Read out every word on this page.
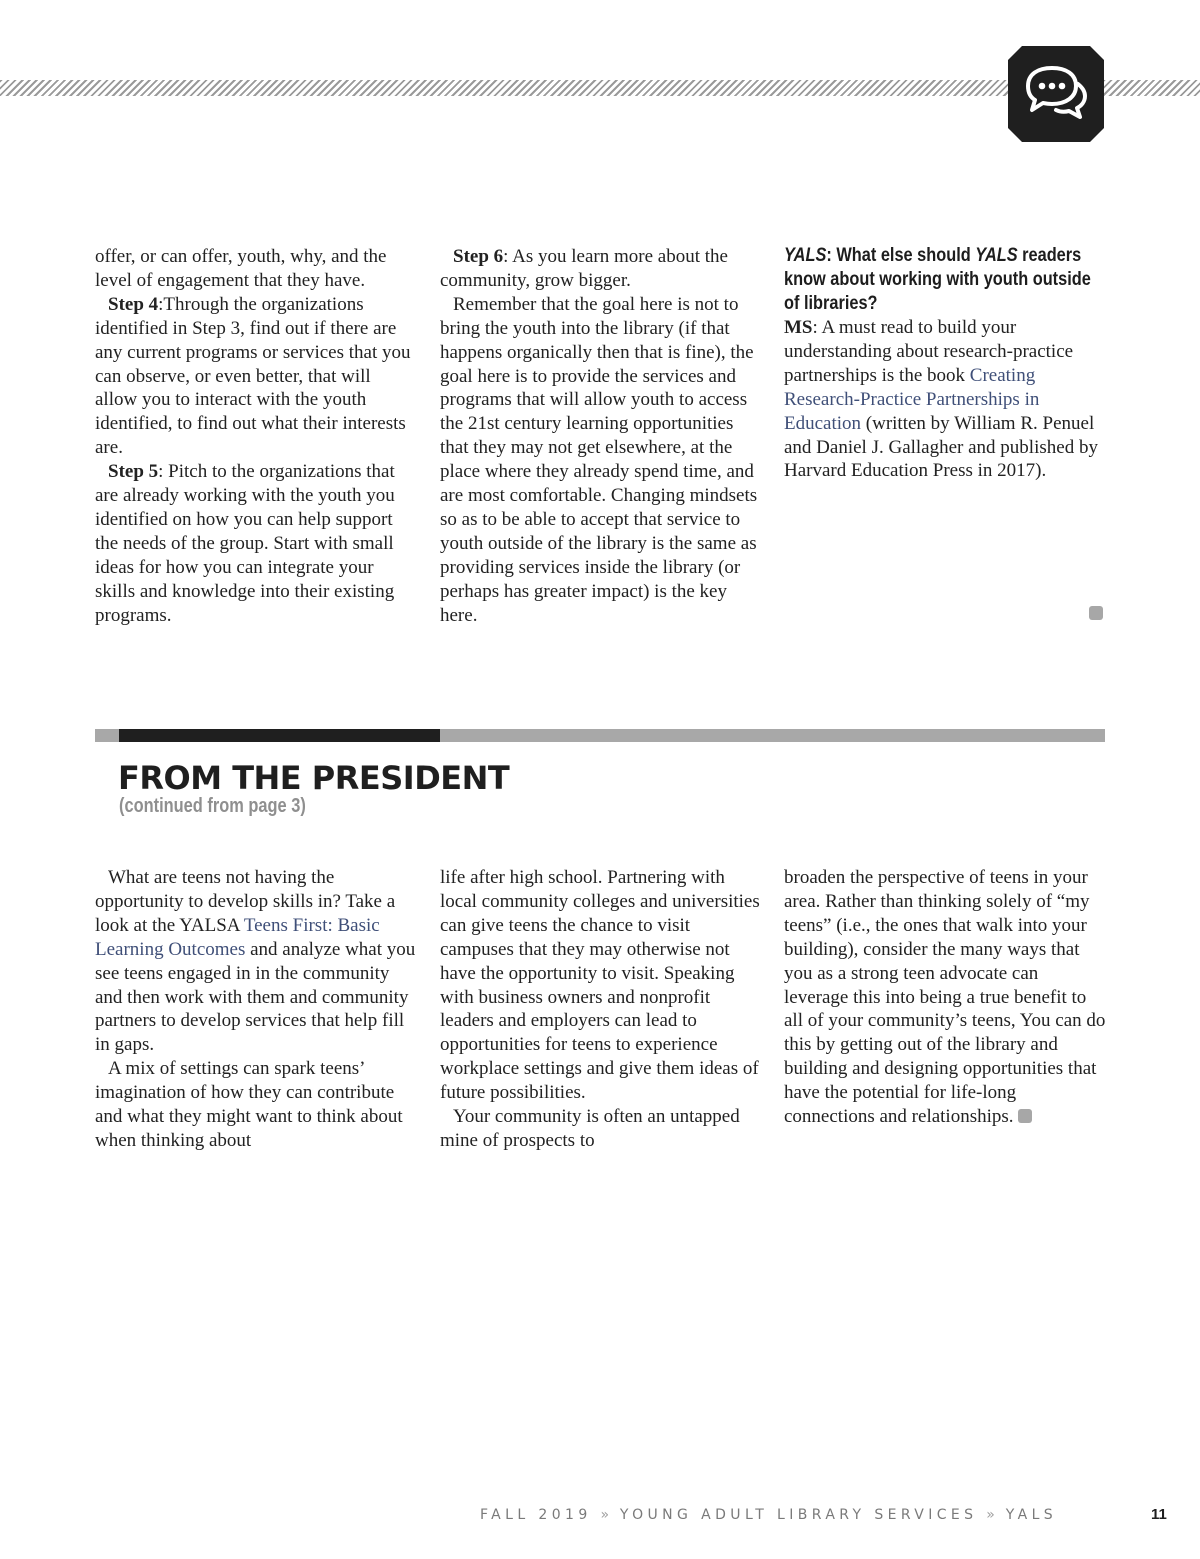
offer, or can offer, youth, why, and the level of engagement that they have.

Step 4:Through the organizations identified in Step 3, find out if there are any current programs or services that you can observe, or even better, that will allow you to interact with the youth identified, to find out what their interests are.

Step 5: Pitch to the organizations that are already working with the youth you identified on how you can help support the needs of the group. Start with small ideas for how you can integrate your skills and knowledge into their existing programs.

Step 6: As you learn more about the community, grow bigger.

Remember that the goal here is not to bring the youth into the library (if that happens organically then that is fine), the goal here is to provide the services and programs that will allow youth to access the 21st century learning opportunities that they may not get elsewhere, at the place where they already spend time, and are most comfortable. Changing mindsets so as to be able to accept that service to youth outside of the library is the same as providing services inside the library (or perhaps has greater impact) is the key here.

YALS: What else should YALS readers know about working with youth outside of libraries?

MS: A must read to build your understanding about research-practice partnerships is the book Creating Research-Practice Partnerships in Education (written by William R. Penuel and Daniel J. Gallagher and published by Harvard Education Press in 2017).

FROM THE PRESIDENT
(continued from page 3)

What are teens not having the opportunity to develop skills in? Take a look at the YALSA Teens First: Basic Learning Outcomes and analyze what you see teens engaged in in the community and then work with them and community partners to develop services that help fill in gaps.

A mix of settings can spark teens’ imagination of how they can contribute and what they might want to think about when thinking about

life after high school. Partnering with local community colleges and universities can give teens the chance to visit campuses that they may otherwise not have the opportunity to visit. Speaking with business owners and nonprofit leaders and employers can lead to opportunities for teens to experience workplace settings and give them ideas of future possibilities.

Your community is often an untapped mine of prospects to

broaden the perspective of teens in your area. Rather than thinking solely of “my teens” (i.e., the ones that walk into your building), consider the many ways that you as a strong teen advocate can leverage this into being a true benefit to all of your community’s teens, You can do this by getting out of the library and building and designing opportunities that have the potential for life-long connections and relationships.

FALL 2019 » YOUNG ADULT LIBRARY SERVICES » YALS	11
